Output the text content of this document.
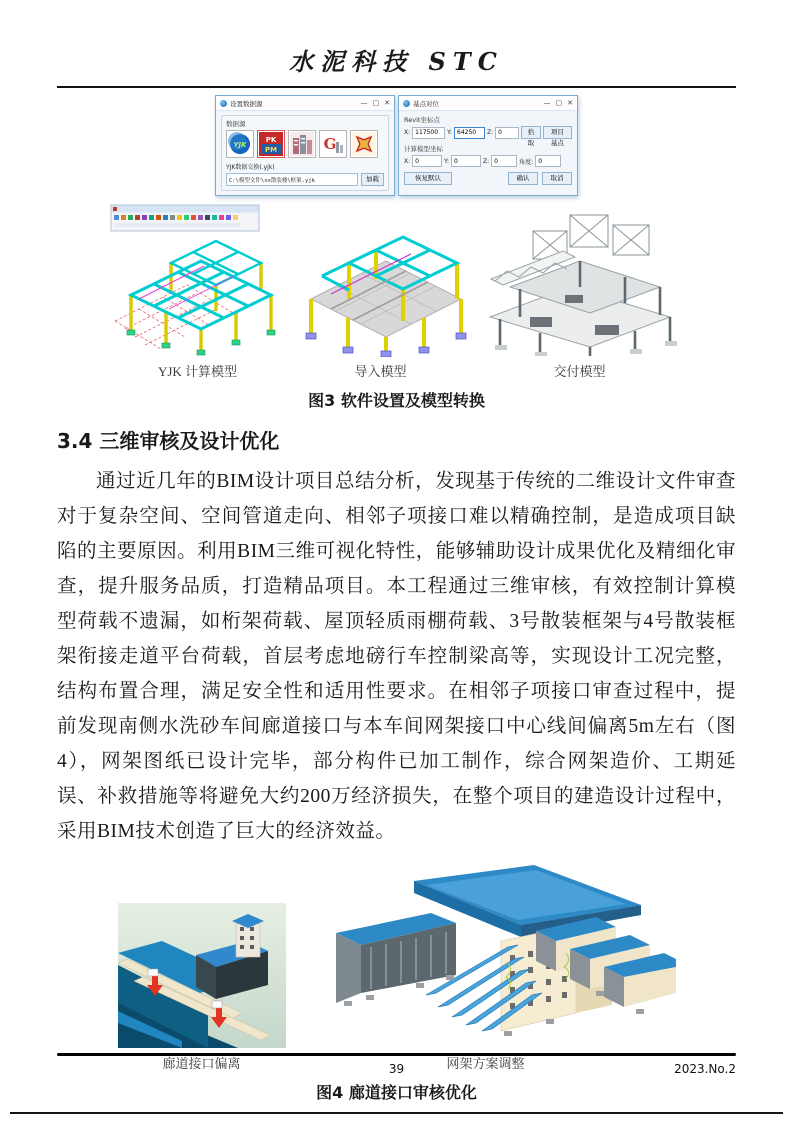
水泥科技 STC
设置数据源	— ▢ ✕
数据源
YJK
PK
PM	G
YJK数据交换(.yjk)
C:\模型文件\xx散装楼\框架.yjk
加载
基点对位	— ▢ ✕
Revit坐标点
X:
117500	Y:
64250	Z:
0	拾取
项目基点
计算模型坐标
X:
0	Y:
0	Z:
0	角度:
0
恢复默认	确认	取消
YJK 计算模型	导入模型	交付模型
图3 软件设置及模型转换
3.4 三维审核及设计优化
通过近几年的BIM设计项目总结分析，发现基于传统的二维设计文件审查对于复杂空间、空间管道走向、相邻子项接口难以精确控制，是造成项目缺陷的主要原因。利用BIM三维可视化特性，能够辅助设计成果优化及精细化审查，提升服务品质，打造精品项目。本工程通过三维审核，有效控制计算模型荷载不遗漏，如桁架荷载、屋顶轻质雨棚荷载、3号散装框架与4号散装框架衔接走道平台荷载，首层考虑地磅行车控制梁高等，实现设计工况完整，结构布置合理，满足安全性和适用性要求。在相邻子项接口审查过程中，提前发现南侧水洗砂车间廊道接口与本车间网架接口中心线间偏离5m左右（图4），网架图纸已设计完毕，部分构件已加工制作，综合网架造价、工期延误、补救措施等将避免大约200万经济损失，在整个项目的建造设计过程中，采用BIM技术创造了巨大的经济效益。
廊道接口偏离	网架方案调整
图4 廊道接口审核优化
39	2023.No.2
